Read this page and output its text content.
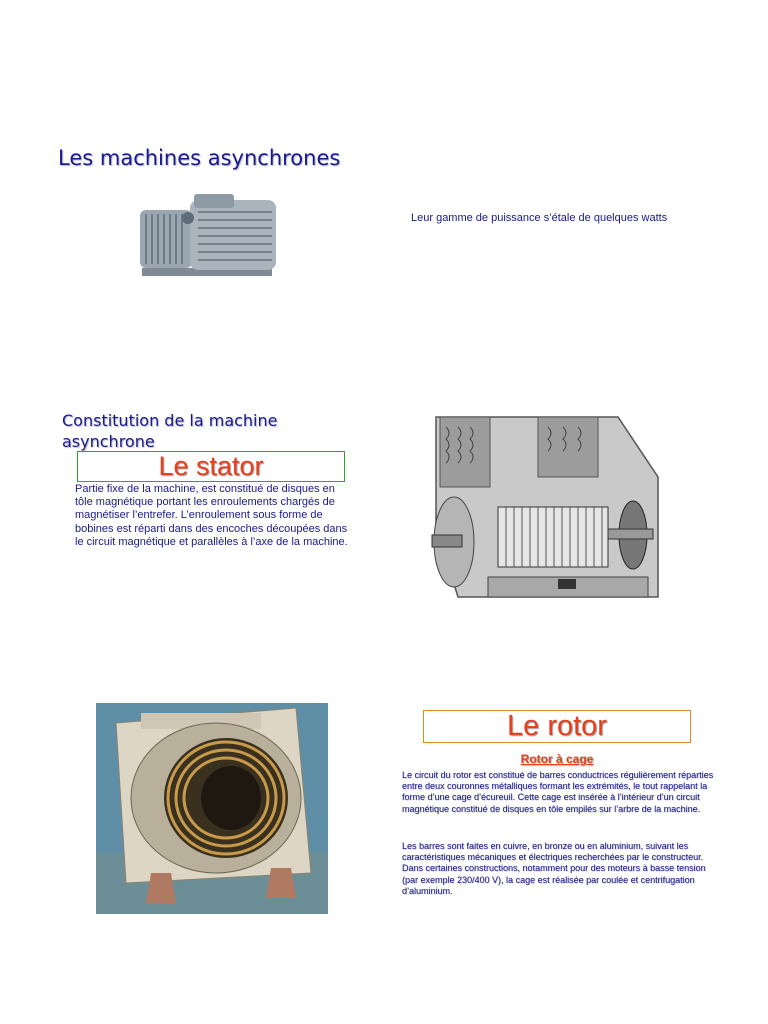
Les machines asynchrones
Leur gamme de puissance s’étale de quelques watts
Constitution de la machine asynchrone
Le stator
Partie fixe de la machine, est constitué de disques en tôle magnétique portant les enroulements chargés de magnétiser l’entrefer. L’enroulement sous forme de bobines est réparti dans des encoches découpées dans le circuit magnétique et parallèles à l’axe de la machine.
Le rotor
Rotor à cage
Le circuit du rotor est constitué de barres conductrices régulièrement réparties entre deux couronnes métalliques formant les extrémités, le tout rappelant la forme d’une cage d’écureuil. Cette cage est insérée à l’intérieur d’un circuit magnétique constitué de disques en tôle empilés sur l’arbre de la machine.
Les barres sont faites en cuivre, en bronze ou en aluminium, suivant les caractéristiques mécaniques et électriques recherchées par le constructeur. Dans certaines constructions, notamment pour des moteurs à basse tension (par exemple 230/400 V), la cage est réalisée par coulée et centrifugation d’aluminium.
